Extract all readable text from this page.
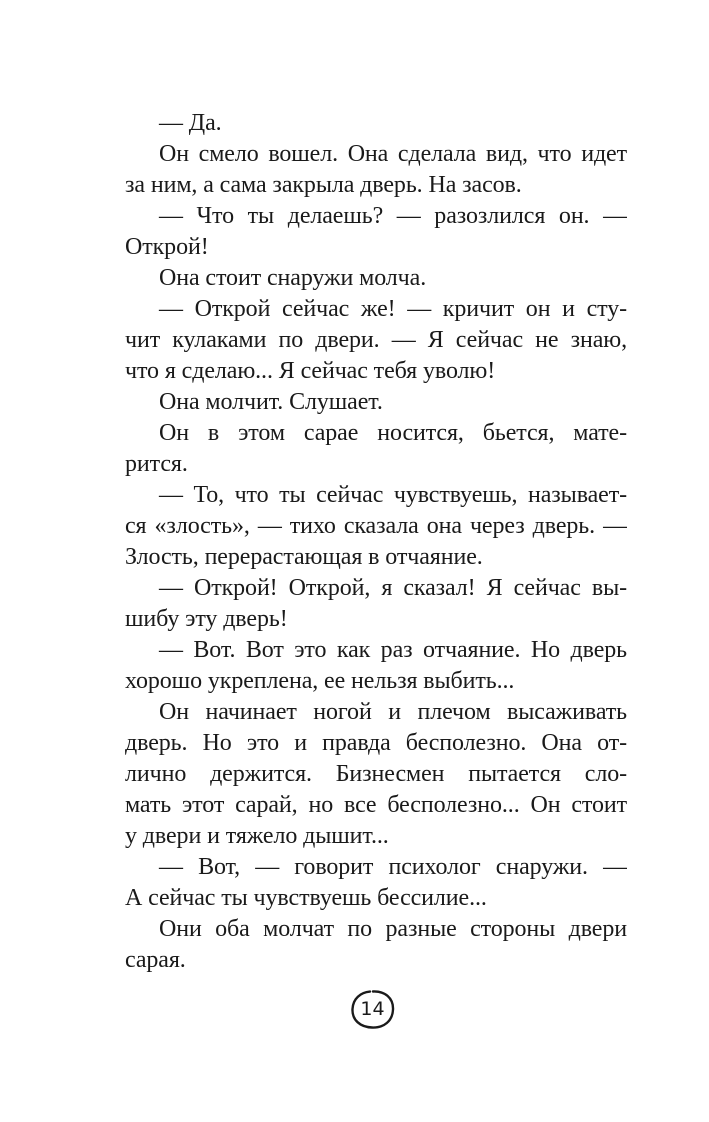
— Да.
Он смело вошел. Она сделала вид, что идет
за ним, а сама закрыла дверь. На засов.
— Что ты делаешь? — разозлился он. —
Открой!
Она стоит снаружи молча.
— Открой сейчас же! — кричит он и сту-
чит кулаками по двери. — Я сейчас не знаю,
что я сделаю... Я сейчас тебя уволю!
Она молчит. Слушает.
Он в этом сарае носится, бьется, мате-
рится.
— То, что ты сейчас чувствуешь, называет-
ся «злость», — тихо сказала она через дверь. —
Злость, перерастающая в отчаяние.
— Открой! Открой, я сказал! Я сейчас вы-
шибу эту дверь!
— Вот. Вот это как раз отчаяние. Но дверь
хорошо укреплена, ее нельзя выбить...
Он начинает ногой и плечом высаживать
дверь. Но это и правда бесполезно. Она от-
лично держится. Бизнесмен пытается сло-
мать этот сарай, но все бесполезно... Он стоит
у двери и тяжело дышит...
— Вот, — говорит психолог снаружи. —
А сейчас ты чувствуешь бессилие...
Они оба молчат по разные стороны двери
сарая.
14
